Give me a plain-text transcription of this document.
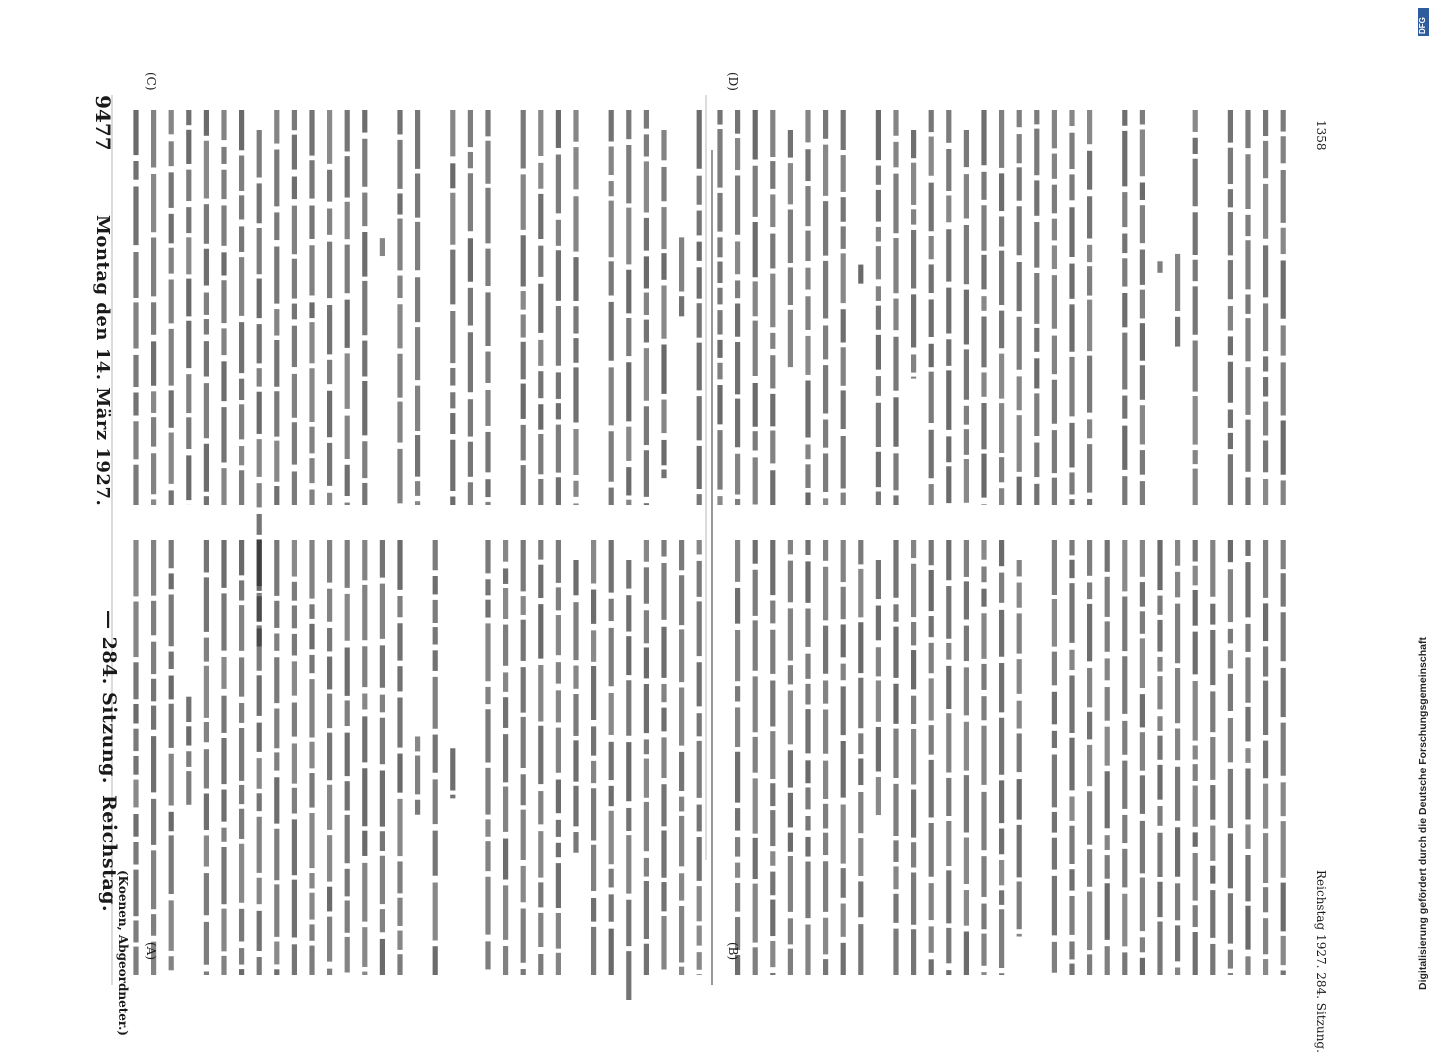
Reichstag.
— 284. Sitzung.
Montag den 14. März 1927.
9477
(Koenen, Abgeordneter.) (A)	(B)
(C)	(D)
Reichstag 1927. 284. Sitzung.
1358
Digitalisierung gefördert durch die Deutsche Forschungsgemeinschaft
DFG
